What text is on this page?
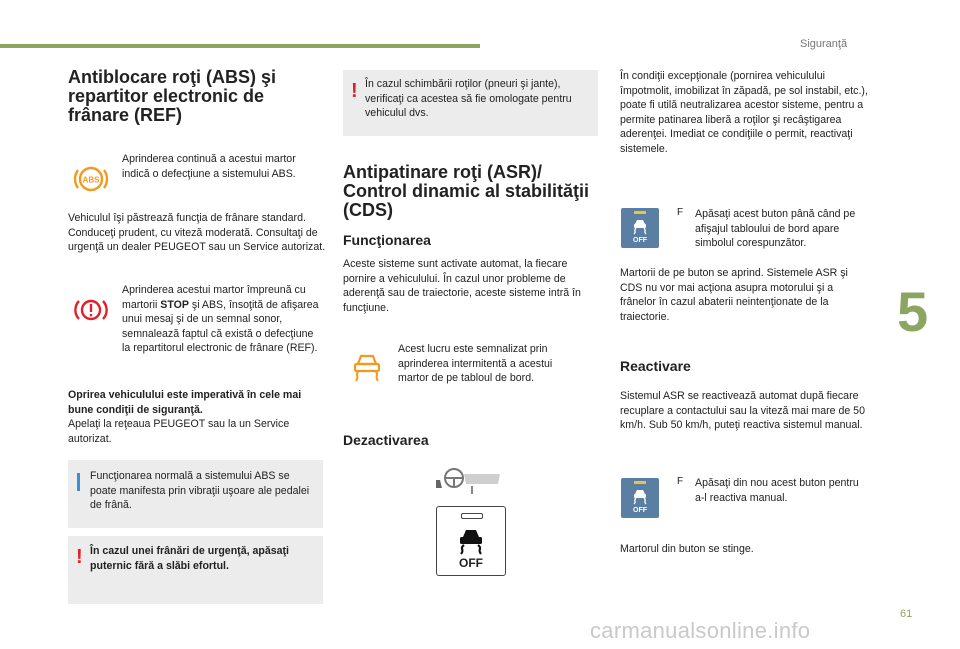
Siguranţă
5
61
carmanualsonline.info
Antiblocare roţi (ABS) şi repartitor electronic de frânare (REF)
ABS

Aprinderea continuă a acestui martor indică o defecţiune a sistemului ABS.

Vehiculul îşi păstrează funcţia de frânare standard. Conduceţi prudent, cu viteză moderată. Consultaţi de urgenţă un dealer PEUGEOT sau un Service autorizat.

Aprinderea acestui martor împreună cu martorii STOP şi ABS, însoţită de afişarea unui mesaj şi de un semnal sonor, semnalează faptul că există o defecţiune la repartitorul electronic de frânare (REF).

Oprirea vehiculului este imperativă în cele mai bune condiţii de siguranţă.
Apelaţi la reţeaua PEUGEOT sau la un Service autorizat.

Funcţionarea normală a sistemului ABS se poate manifesta prin vibraţii uşoare ale pedalei de frână.

! În cazul unei frânări de urgenţă, apăsaţi puternic fără a slăbi efortul.

! În cazul schimbării roţilor (pneuri şi jante), verificaţi ca acestea să fie omologate pentru vehiculul dvs.

Antipatinare roţi (ASR)/ Control dinamic al stabilităţii (CDS)
Funcţionarea

Aceste sisteme sunt activate automat, la fiecare pornire a vehiculului. În cazul unor probleme de aderenţă sau de traiectorie, aceste sisteme intră în funcţiune.

Acest lucru este semnalizat prin aprinderea intermitentă a acestui martor de pe tabloul de bord.

Dezactivarea
OFF

În condiţii excepţionale (pornirea vehiculului împotmolit, imobilizat în zăpadă, pe sol instabil, etc.), poate fi utilă neutralizarea acestor sisteme, pentru a permite patinarea liberă a roţilor şi recâştigarea aderenţei. Imediat ce condiţiile o permit, reactivaţi sistemele.

OFF
F Apăsaţi acest buton până când pe afişajul tabloului de bord apare simbolul corespunzător.

Martorii de pe buton se aprind. Sistemele ASR şi CDS nu vor mai acţiona asupra motorului şi a frânelor în cazul abaterii neintenţionate de la traiectorie.

Reactivare

Sistemul ASR se reactivează automat după fiecare recuplare a contactului sau la viteză mai mare de 50 km/h. Sub 50 km/h, puteţi reactiva sistemul manual.

OFF
F Apăsaţi din nou acest buton pentru a-l reactiva manual.

Martorul din buton se stinge.
